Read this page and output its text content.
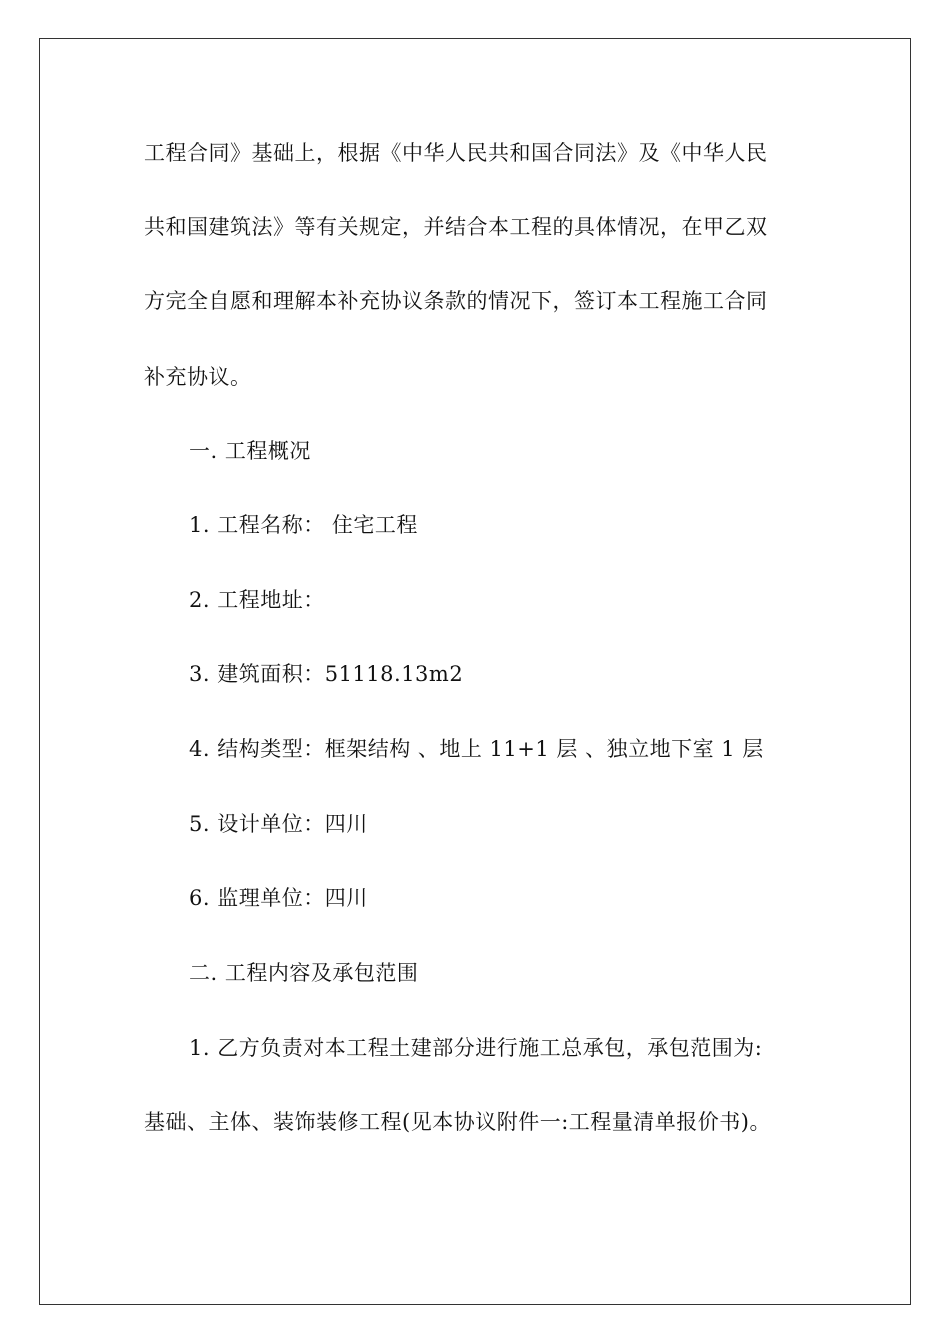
工程合同》基础上，根据《中华人民共和国合同法》及《中华人民
共和国建筑法》等有关规定，并结合本工程的具体情况，在甲乙双
方完全自愿和理解本补充协议条款的情况下，签订本工程施工合同
补充协议。
一. 工程概况
1. 工程名称： 住宅工程
2. 工程地址：
3. 建筑面积：51118.13m2
4. 结构类型：框架结构 、地上 11+1 层 、独立地下室 1 层
5. 设计单位：四川
6. 监理单位：四川
二. 工程内容及承包范围
1. 乙方负责对本工程土建部分进行施工总承包，承包范围为:
基础、主体、装饰装修工程(见本协议附件一:工程量清单报价书)。
